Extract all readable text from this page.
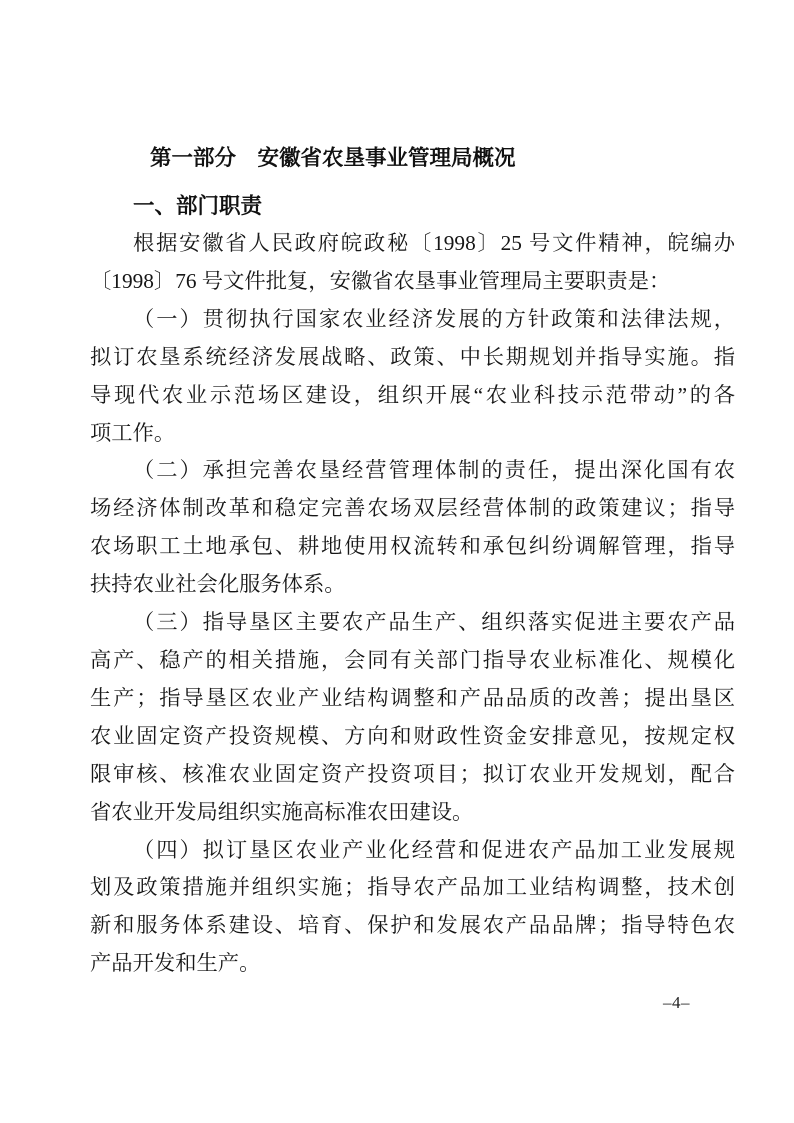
第一部分　安徽省农垦事业管理局概况
一、部门职责
根据安徽省人民政府皖政秘〔1998〕25 号文件精神，皖编办
〔1998〕76 号文件批复，安徽省农垦事业管理局主要职责是：
（一）贯彻执行国家农业经济发展的方针政策和法律法规，
拟订农垦系统经济发展战略、政策、中长期规划并指导实施。指
导现代农业示范场区建设，组织开展“农业科技示范带动”的各
项工作。
（二）承担完善农垦经营管理体制的责任，提出深化国有农
场经济体制改革和稳定完善农场双层经营体制的政策建议；指导
农场职工土地承包、耕地使用权流转和承包纠纷调解管理，指导
扶持农业社会化服务体系。
（三）指导垦区主要农产品生产、组织落实促进主要农产品
高产、稳产的相关措施，会同有关部门指导农业标准化、规模化
生产；指导垦区农业产业结构调整和产品品质的改善；提出垦区
农业固定资产投资规模、方向和财政性资金安排意见，按规定权
限审核、核准农业固定资产投资项目；拟订农业开发规划，配合
省农业开发局组织实施高标准农田建设。
（四）拟订垦区农业产业化经营和促进农产品加工业发展规
划及政策措施并组织实施；指导农产品加工业结构调整，技术创
新和服务体系建设、培育、保护和发展农产品品牌；指导特色农
产品开发和生产。
–4–
